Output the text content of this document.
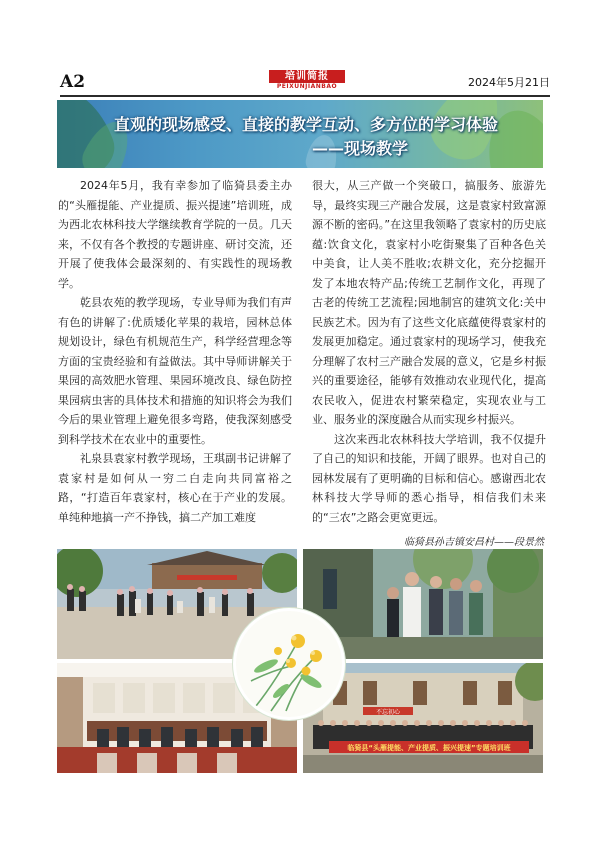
A2	培训简报
PEIXUNJIANBAO	2024年5月21日
直观的现场感受、直接的教学互动、多方位的学习体验
——现场教学

2024年5月，我有幸参加了临猗县委主办的“头雁提能、产业提质、振兴提速”培训班，成为西北农林科技大学继续教育学院的一员。几天来，不仅有各个教授的专题讲座、研讨交流，还开展了使我体会最深刻的、有实践性的现场教学。

乾县农苑的教学现场，专业导师为我们有声有色的讲解了:优质矮化苹果的栽培，园林总体规划设计，绿色有机规范生产，科学经营理念等方面的宝贵经验和有益做法。其中导师讲解关于果园的高效肥水管理、果园环境改良、绿色防控果园病虫害的具体技术和措施的知识将会为我们今后的果业管理上避免很多弯路，使我深刻感受到科学技术在农业中的重要性。

礼泉县袁家村教学现场，王琪副书记讲解了袁家村是如何从一穷二白走向共同富裕之路，“打造百年袁家村，核心在于产业的发展。单纯种地搞一产不挣钱，搞二产加工难度

很大，从三产做一个突破口，搞服务、旅游先导，最终实现三产融合发展，这是袁家村致富源源不断的密码。”在这里我领略了袁家村的历史底蕴:饮食文化，袁家村小吃街聚集了百种各色关中美食，让人美不胜收;农耕文化，充分挖掘开发了本地农特产品;传统工艺制作文化，再现了古老的传统工艺流程;园地制宫的建筑文化:关中民族艺术。因为有了这些文化底蕴使得袁家村的发展更加稳定。通过袁家村的现场学习，使我充分理解了农村三产融合发展的意义，它是乡村振兴的重要途径，能够有效推动农业现代化，提高农民收入，促进农村繁荣稳定，实现农业与工业、服务业的深度融合从而实现乡村振兴。

这次来西北农林科技大学培训，我不仅提升了自己的知识和技能，开阔了眼界。也对自己的园林发展有了更明确的目标和信心。感谢西北农林科技大学导师的悉心指导，相信我们未来的“三农”之路会更宽更远。

临猗县孙吉镇安昌村——段景然
不忘初心
临猗县“头雁提能、产业提质、振兴提速”专题培训班
